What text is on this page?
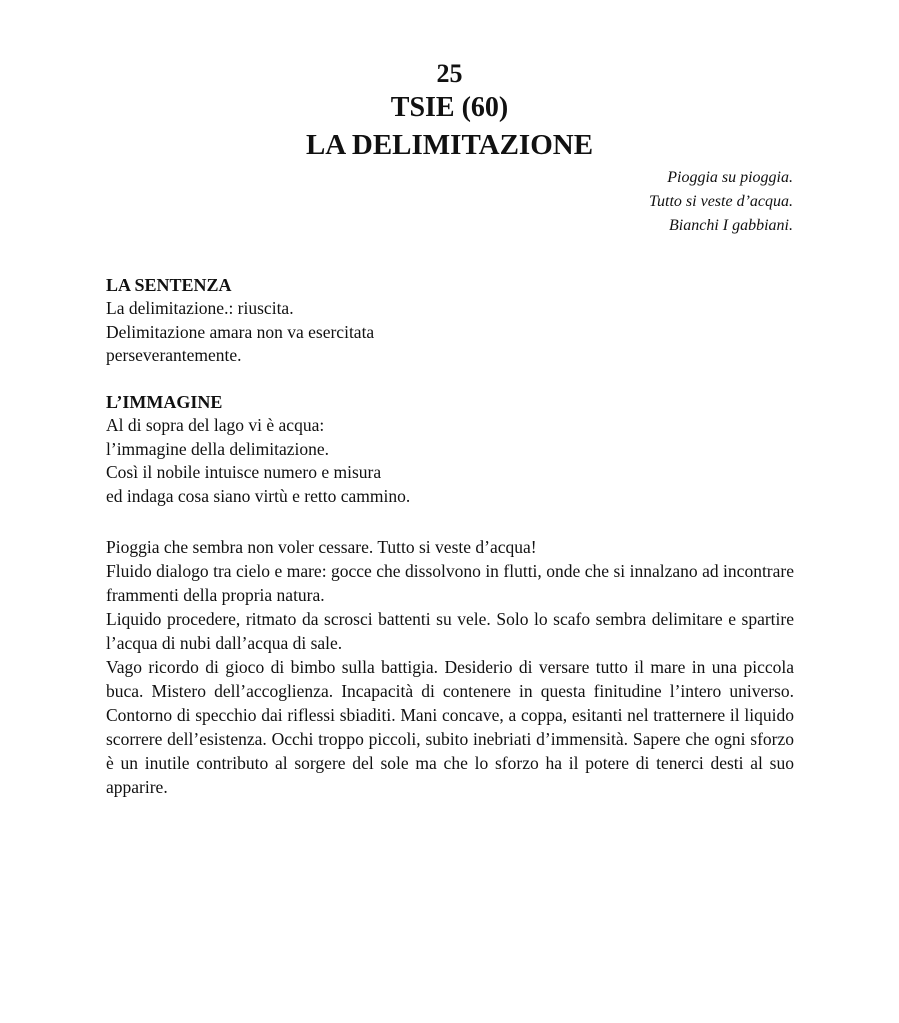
25
TSIE (60)
LA DELIMITAZIONE
Pioggia su pioggia.
Tutto si veste d’acqua.
Bianchi I gabbiani.
LA SENTENZA
La delimitazione.: riuscita.
Delimitazione amara non va esercitata
perseverantemente.
L’IMMAGINE
Al di sopra del lago vi è acqua:
l’immagine della delimitazione.
Così il nobile intuisce numero e misura
ed indaga cosa siano virtù e retto cammino.

Pioggia che sembra non voler cessare. Tutto si veste d’acqua!

Fluido dialogo tra cielo e mare: gocce che dissolvono in flutti, onde che si innalzano ad incontrare frammenti della propria natura.

Liquido procedere, ritmato da scrosci battenti su vele. Solo lo scafo sembra delimitare e spartire l’acqua di nubi dall’acqua di sale.

Vago ricordo di gioco di bimbo sulla battigia. Desiderio di versare tutto il mare in una piccola buca. Mistero dell’accoglienza. Incapacità di contenere in questa finitudine l’intero universo. Contorno di specchio dai riflessi sbiaditi. Mani concave, a coppa, esitanti nel tratternere il liquido scorrere dell’esistenza. Occhi troppo piccoli, subito inebriati d’immensità. Sapere che ogni sforzo è un inutile contributo al sorgere del sole ma che lo sforzo ha il potere di tenerci desti al suo apparire.
